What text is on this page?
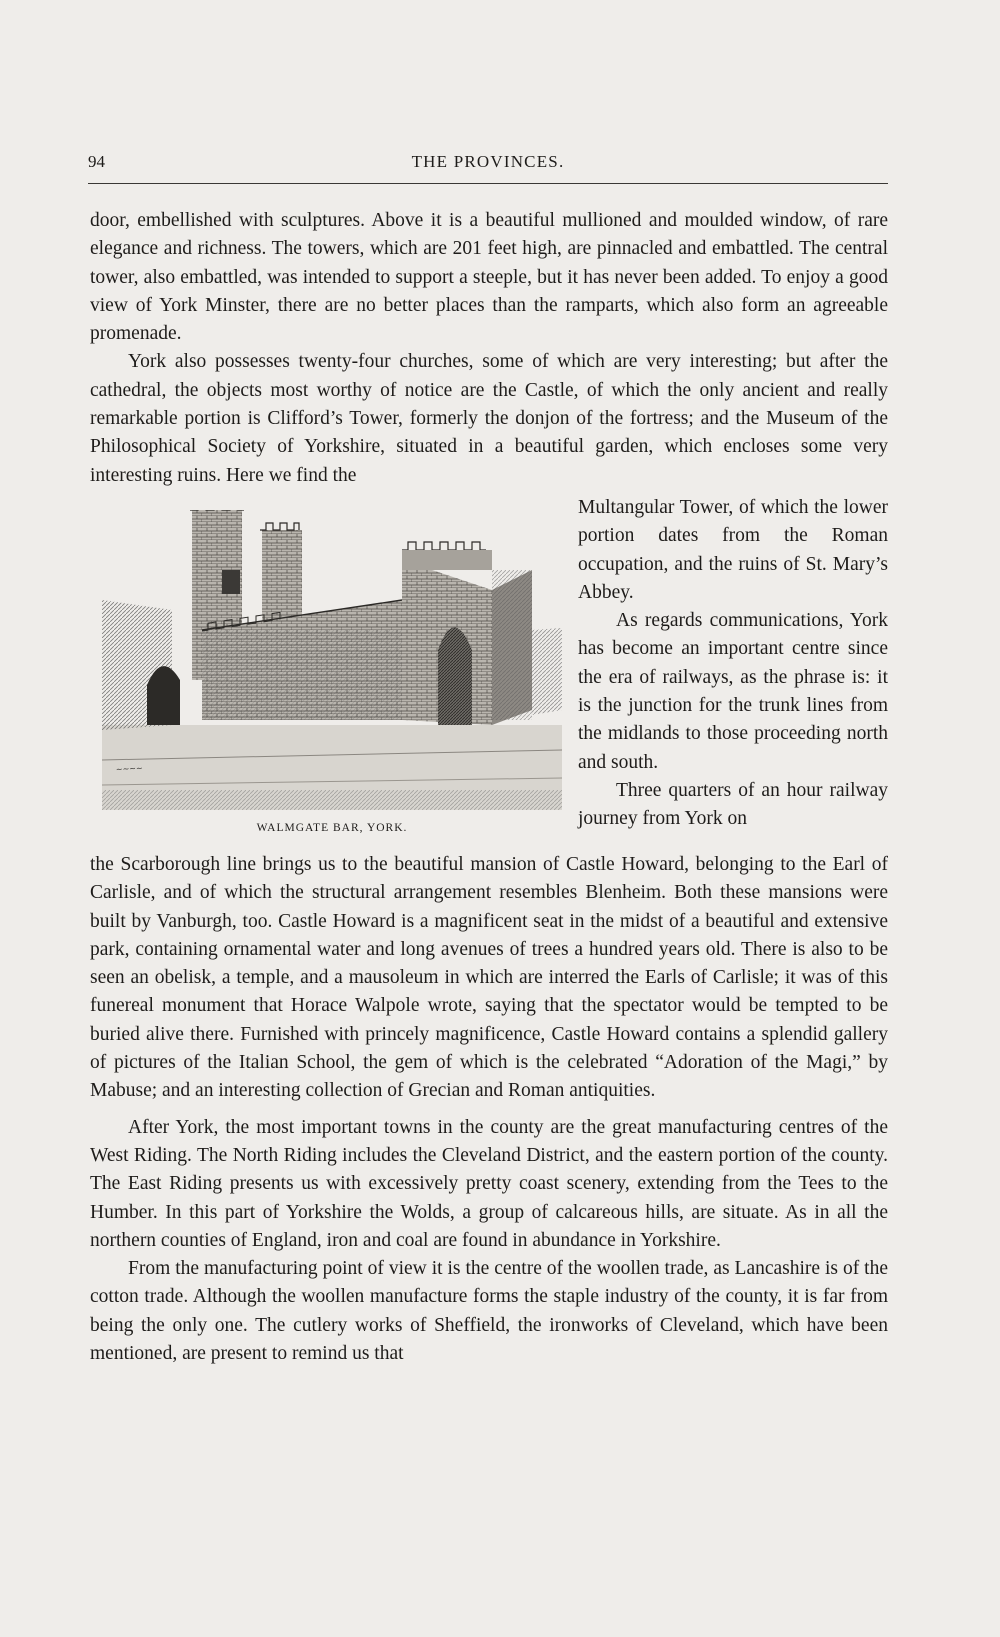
94	THE PROVINCES.

door, embellished with sculptures. Above it is a beautiful mullioned and moulded window, of rare elegance and richness. The towers, which are 201 feet high, are pinnacled and embattled. The central tower, also embattled, was intended to support a steeple, but it has never been added. To enjoy a good view of York Minster, there are no better places than the ramparts, which also form an agreeable promenade.

York also possesses twenty-four churches, some of which are very interesting; but after the cathedral, the objects most worthy of notice are the Castle, of which the only ancient and really remarkable portion is Clifford’s Tower, formerly the donjon of the fortress; and the Museum of the Philosophical Society of Yorkshire, situated in a beautiful garden, which encloses some very interesting ruins. Here we find the

~~~~
WALMGATE BAR, YORK.

Multangular Tower, of which the lower portion dates from the Roman occupation, and the ruins of St. Mary’s Abbey.

As regards communications, York has become an important centre since the era of railways, as the phrase is: it is the junction for the trunk lines from the midlands to those proceeding north and south.

Three quarters of an hour railway journey from York on

the Scarborough line brings us to the beautiful mansion of Castle Howard, belonging to the Earl of Carlisle, and of which the structural arrangement resembles Blenheim. Both these mansions were built by Vanburgh, too. Castle Howard is a magnificent seat in the midst of a beautiful and extensive park, containing ornamental water and long avenues of trees a hundred years old. There is also to be seen an obelisk, a temple, and a mausoleum in which are interred the Earls of Carlisle; it was of this funereal monument that Horace Walpole wrote, saying that the spectator would be tempted to be buried alive there. Furnished with princely magnificence, Castle Howard contains a splendid gallery of pictures of the Italian School, the gem of which is the celebrated “Adoration of the Magi,” by Mabuse; and an interesting collection of Grecian and Roman antiquities.

After York, the most important towns in the county are the great manufacturing centres of the West Riding. The North Riding includes the Cleveland District, and the eastern portion of the county. The East Riding presents us with excessively pretty coast scenery, extending from the Tees to the Humber. In this part of Yorkshire the Wolds, a group of calcareous hills, are situate. As in all the northern counties of England, iron and coal are found in abundance in Yorkshire.

From the manufacturing point of view it is the centre of the woollen trade, as Lancashire is of the cotton trade. Although the woollen manufacture forms the staple industry of the county, it is far from being the only one. The cutlery works of Sheffield, the ironworks of Cleveland, which have been mentioned, are present to remind us that
